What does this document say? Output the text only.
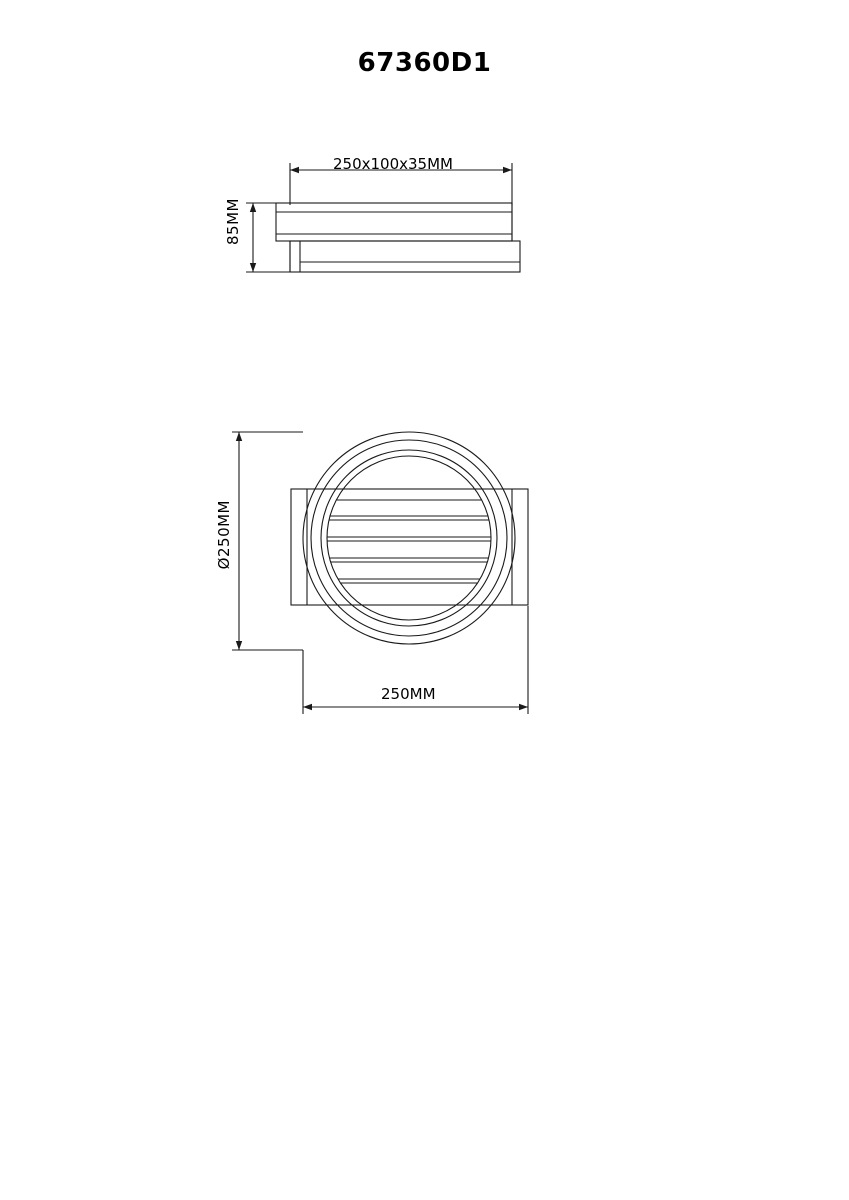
67360D1
250x100x35MM
85MM
Ø250MM
250MM
